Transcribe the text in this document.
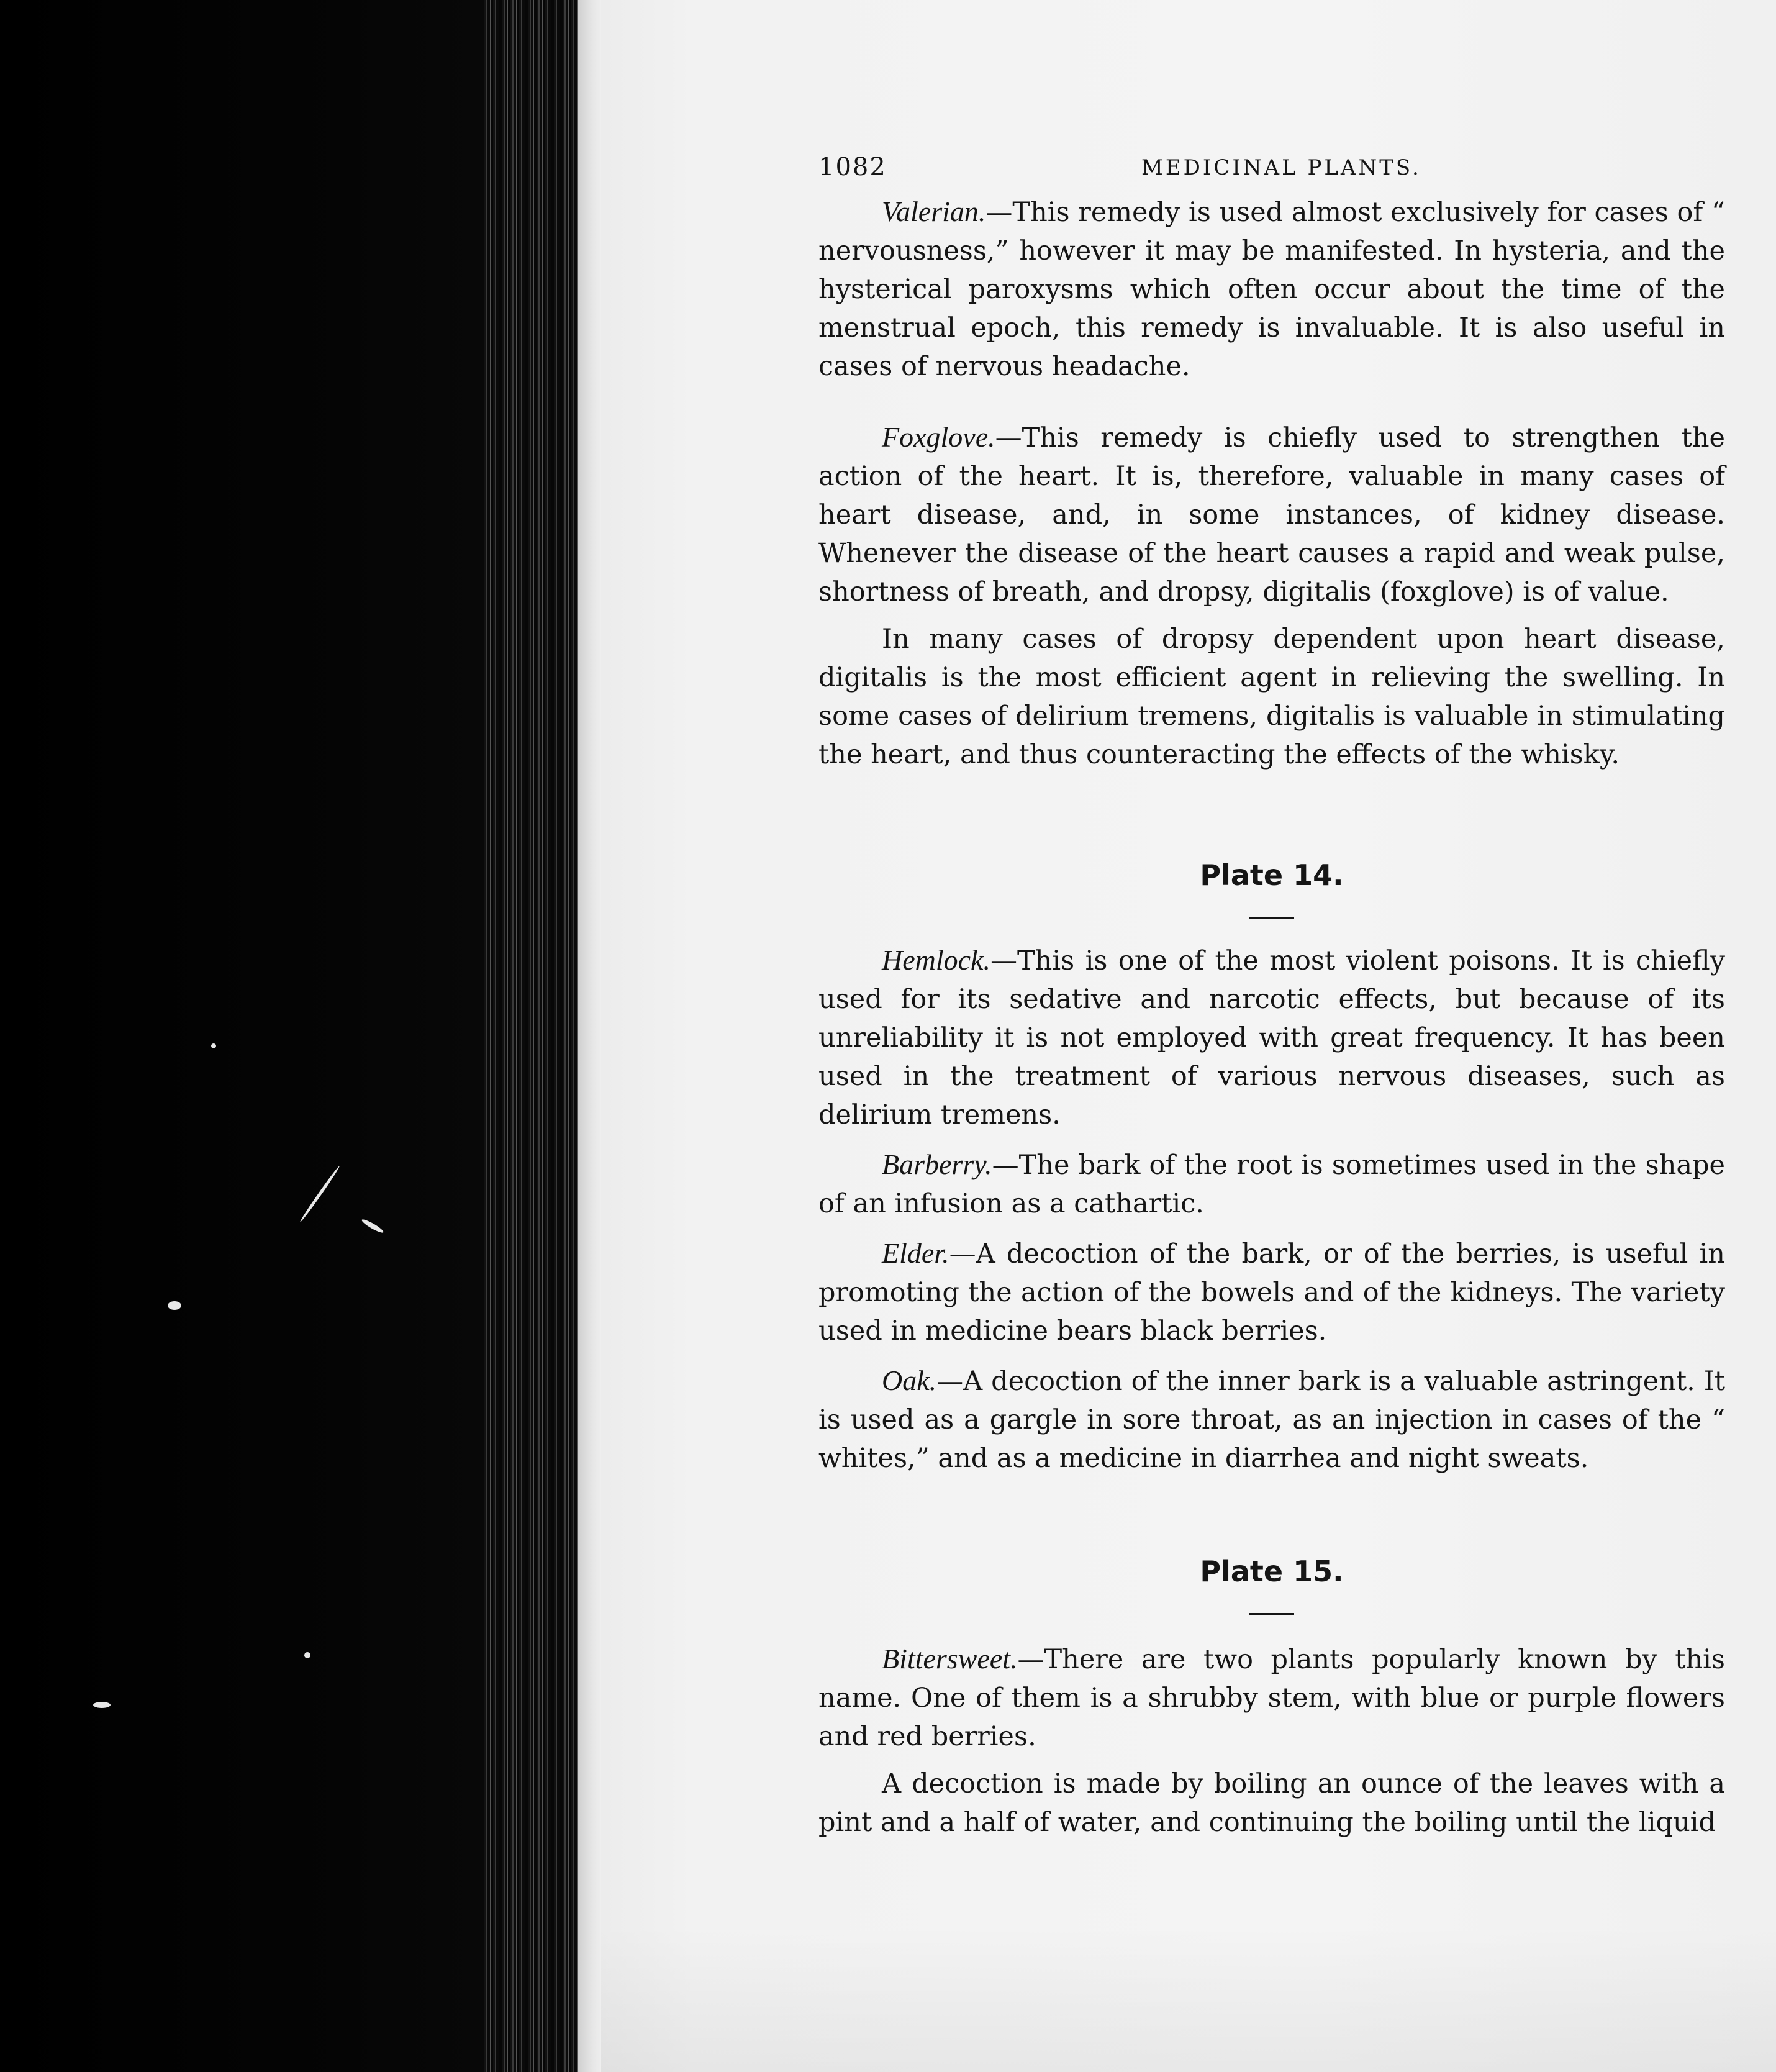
1082	MEDICINAL PLANTS.

Valerian.—This remedy is used almost exclusively for cases of “ nervousness,” however it may be manifested. In hysteria, and the hysterical paroxysms which often occur about the time of the menstrual epoch, this remedy is invaluable. It is also useful in cases of nervous headache.

Foxglove.—This remedy is chiefly used to strengthen the action of the heart. It is, therefore, valuable in many cases of heart disease, and, in some instances, of kidney disease. Whenever the disease of the heart causes a rapid and weak pulse, shortness of breath, and dropsy, digitalis (foxglove) is of value.

In many cases of dropsy dependent upon heart disease, digitalis is the most efficient agent in relieving the swelling. In some cases of delirium tremens, digitalis is valuable in stimulating the heart, and thus counteracting the effects of the whisky.

Plate 14.

Hemlock.—This is one of the most violent poisons. It is chiefly used for its sedative and narcotic effects, but because of its unreliability it is not employed with great frequency. It has been used in the treatment of various nervous diseases, such as delirium tremens.

Barberry.—The bark of the root is sometimes used in the shape of an infusion as a cathartic.

Elder.—A decoction of the bark, or of the berries, is useful in promoting the action of the bowels and of the kidneys. The variety used in medicine bears black berries.

Oak.—A decoction of the inner bark is a valuable astringent. It is used as a gargle in sore throat, as an injection in cases of the “ whites,” and as a medicine in diarrhea and night sweats.

Plate 15.

Bittersweet.—There are two plants popularly known by this name. One of them is a shrubby stem, with blue or purple flowers and red berries.

A decoction is made by boiling an ounce of the leaves with a pint and a half of water, and continuing the boiling until the liquid
